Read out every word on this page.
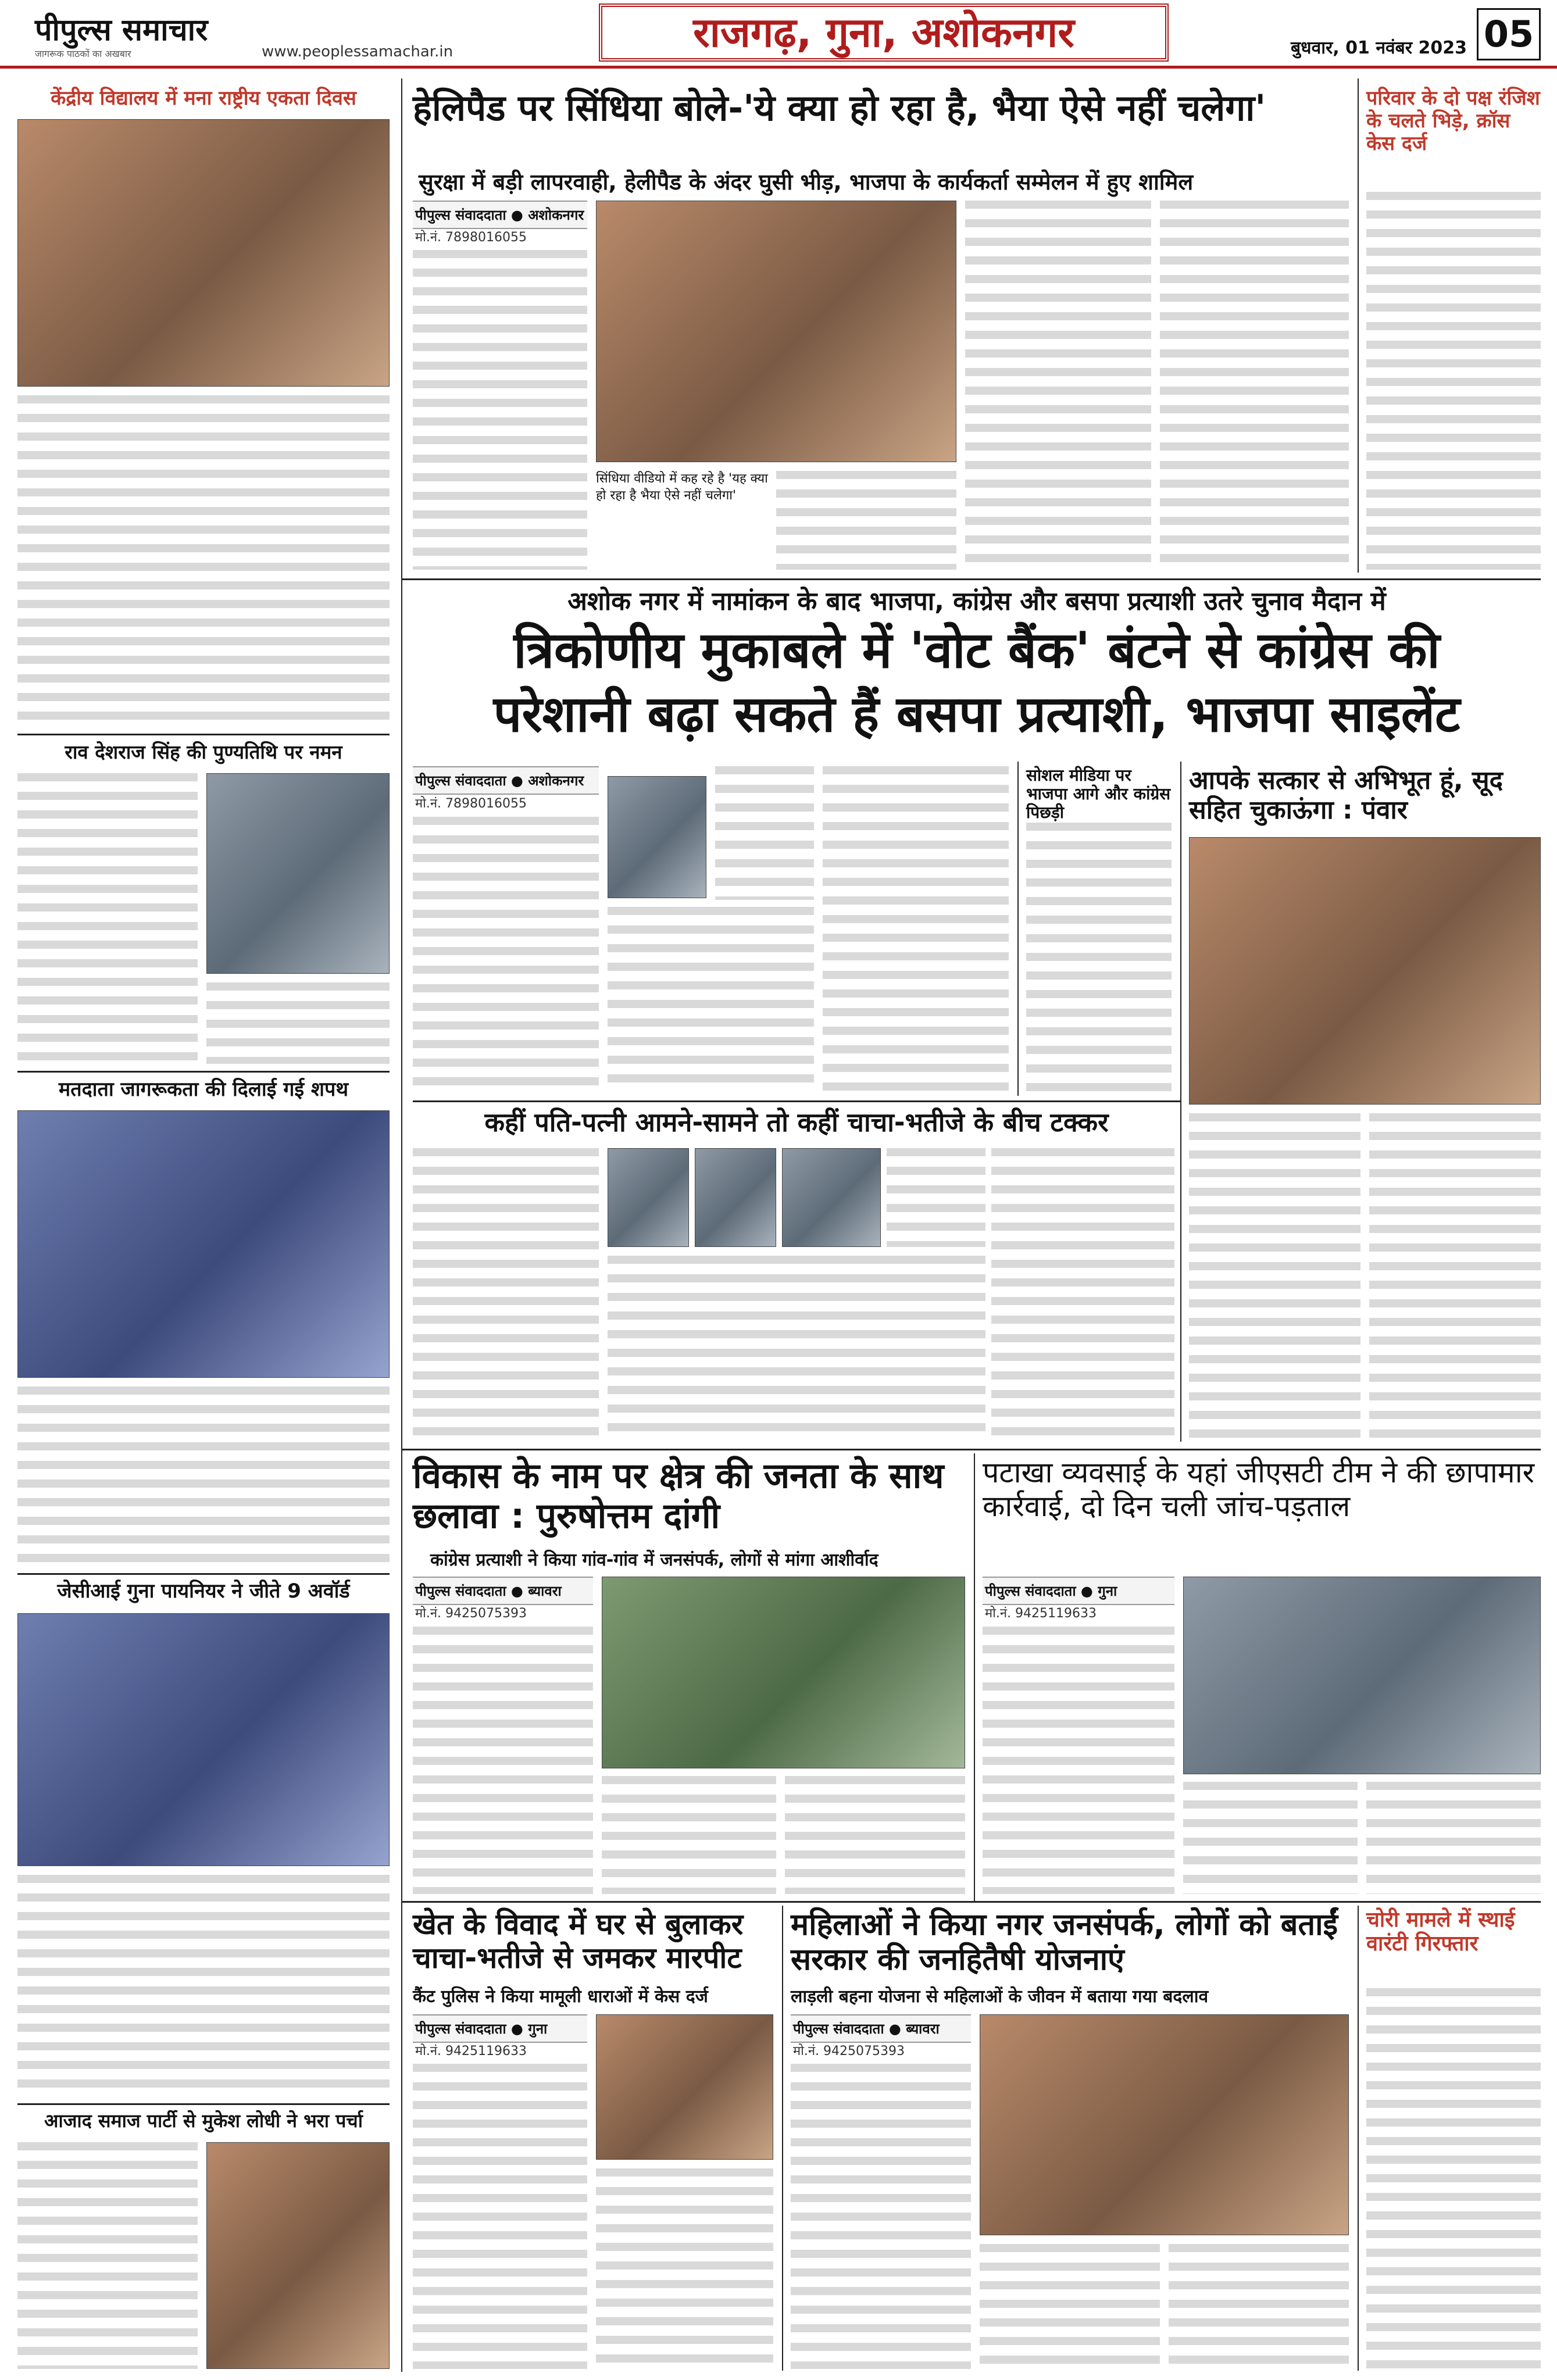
पीपुल्स समाचार
जागरूक पाठकों का अखबार	www.peoplessamachar.in	राजगढ़, गुना, अशोकनगर	बुधवार, 01 नवंबर 2023 05
केंद्रीय विद्यालय में मना राष्ट्रीय एकता दिवस
राव देशराज सिंह की पुण्यतिथि पर नमन
मतदाता जागरूकता की दिलाई गई शपथ
जेसीआई गुना पायनियर ने जीते 9 अवॉर्ड
आजाद समाज पार्टी से मुकेश लोधी ने भरा पर्चा
हेलिपैड पर सिंधिया बोले-'ये क्या हो रहा है, भैया ऐसे नहीं चलेगा'
सुरक्षा में बड़ी लापरवाही, हेलीपैड के अंदर घुसी भीड़, भाजपा के कार्यकर्ता सम्मेलन में हुए शामिल
पीपुल्स संवाददाता ● अशोकनगर
मो.नं. 7898016055
सिंधिया वीडियो में कह रहे है 'यह क्या हो रहा है भैया ऐसे नहीं चलेगा'
परिवार के दो पक्ष रंजिश के चलते भिड़े, क्रॉस केस दर्ज
अशोक नगर में नामांकन के बाद भाजपा, कांग्रेस और बसपा प्रत्याशी उतरे चुनाव मैदान में
त्रिकोणीय मुकाबले में 'वोट बैंक' बंटने से कांग्रेस की
परेशानी बढ़ा सकते हैं बसपा प्रत्याशी, भाजपा साइलेंट
पीपुल्स संवाददाता ● अशोकनगर
मो.नं. 7898016055
सोशल मीडिया पर भाजपा आगे और कांग्रेस पिछड़ी
आपके सत्कार से अभिभूत हूं, सूद सहित चुकाऊंगा : पंवार
कहीं पति-पत्नी आमने-सामने तो कहीं चाचा-भतीजे के बीच टक्कर
विकास के नाम पर क्षेत्र की जनता के साथ छलावा : पुरुषोत्तम दांगी
कांग्रेस प्रत्याशी ने किया गांव-गांव में जनसंपर्क, लोगों से मांगा आशीर्वाद
पीपुल्स संवाददाता ● ब्यावरा
मो.नं. 9425075393
पटाखा व्यवसाई के यहां जीएसटी टीम ने की छापामार कार्रवाई, दो दिन चली जांच-पड़ताल
पीपुल्स संवाददाता ● गुना
मो.नं. 9425119633
खेत के विवाद में घर से बुलाकर चाचा-भतीजे से जमकर मारपीट
कैंट पुलिस ने किया मामूली धाराओं में केस दर्ज
पीपुल्स संवाददाता ● गुना
मो.नं. 9425119633
महिलाओं ने किया नगर जनसंपर्क, लोगों को बताईं सरकार की जनहितैषी योजनाएं
लाड़ली बहना योजना से महिलाओं के जीवन में बताया गया बदलाव
पीपुल्स संवाददाता ● ब्यावरा
मो.नं. 9425075393
चोरी मामले में स्थाई वारंटी गिरफ्तार
